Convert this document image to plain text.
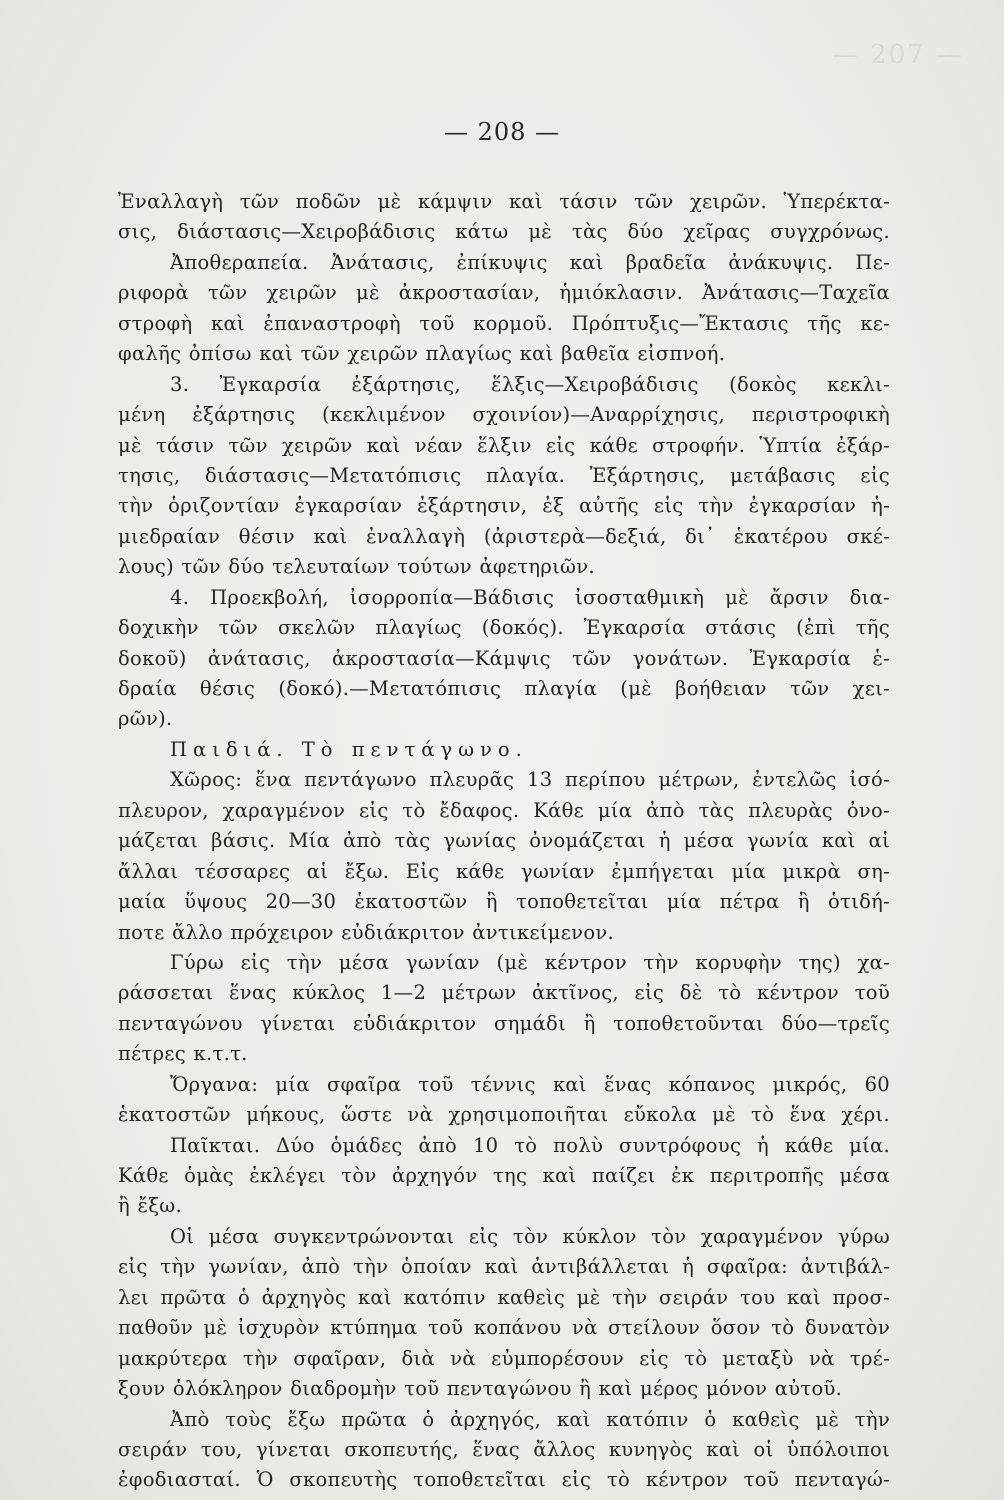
— 207 —
— 208 —
Ἐναλλαγὴ τῶν ποδῶν μὲ κάμψιν καὶ τάσιν τῶν χειρῶν. Ὑπερέκτα-
σις, διάστασις—Χειροβάδισις κάτω μὲ τὰς δύο χεῖρας συγχρόνως.
Ἀποθεραπεία. Ἀνάτασις, ἐπίκυψις καὶ βραδεῖα ἀνάκυψις. Πε-
ριφορὰ τῶν χειρῶν μὲ ἀκροστασίαν, ἡμιόκλασιν. Ἀνάτασις—Ταχεῖα
στροφὴ καὶ ἐπαναστροφὴ τοῦ κορμοῦ. Πρόπτυξις—Ἔκτασις τῆς κε-
φαλῆς ὀπίσω καὶ τῶν χειρῶν πλαγίως καὶ βαθεῖα εἰσπνοή.
3. Ἐγκαρσία ἐξάρτησις, ἕλξις—Χειροβάδισις (δοκὸς κεκλι-
μένη ἐξάρτησις (κεκλιμένον σχοινίον)—Αναρρίχησις, περιστροφικὴ
μὲ τάσιν τῶν χειρῶν καὶ νέαν ἕλξιν εἰς κάθε στροφήν. Ὑπτία ἐξάρ-
τησις, διάστασις—Μετατόπισις πλαγία. Ἐξάρτησις, μετάβασις εἰς
τὴν ὁριζοντίαν ἐγκαρσίαν ἐξάρτησιν, ἐξ αὐτῆς εἰς τὴν ἐγκαρσίαν ἡ-
μιεδραίαν θέσιν καὶ ἐναλλαγὴ (ἀριστερὰ—δεξιά, δι᾽ ἑκατέρου σκέ-
λους) τῶν δύο τελευταίων τούτων ἀφετηριῶν.
4. Προεκβολή, ἰσορροπία—Βάδισις ἰσοσταθμικὴ μὲ ἄρσιν δια-
δοχικὴν τῶν σκελῶν πλαγίως (δοκός). Ἐγκαρσία στάσις (ἐπὶ τῆς
δοκοῦ) ἀνάτασις, ἀκροστασία—Κάμψις τῶν γονάτων. Ἐγκαρσία ἑ-
δραία θέσις (δοκό).—Μετατόπισις πλαγία (μὲ βοήθειαν τῶν χει-
ρῶν).
Παιδιά. Τὸ πεντάγωνο.
Χῶρος: ἕνα πεντάγωνο πλευρᾶς 13 περίπου μέτρων, ἐντελῶς ἰσό-
πλευρον, χαραγμένον εἰς τὸ ἔδαφος. Κάθε μία ἀπὸ τὰς πλευρὰς ὀνο-
μάζεται βάσις. Μία ἀπὸ τὰς γωνίας ὀνομάζεται ἡ μέσα γωνία καὶ αἱ
ἄλλαι τέσσαρες αἱ ἔξω. Εἰς κάθε γωνίαν ἐμπήγεται μία μικρὰ ση-
μαία ὕψους 20—30 ἑκατοστῶν ἢ τοποθετεῖται μία πέτρα ἢ ὁτιδή-
ποτε ἄλλο πρόχειρον εὐδιάκριτον ἀντικείμενον.
Γύρω εἰς τὴν μέσα γωνίαν (μὲ κέντρον τὴν κορυφὴν της) χα-
ράσσεται ἕνας κύκλος 1—2 μέτρων ἀκτῖνος, εἰς δὲ τὸ κέντρον τοῦ
πενταγώνου γίνεται εὐδιάκριτον σημάδι ἢ τοποθετοῦνται δύο—τρεῖς
πέτρες κ.τ.τ.
Ὄργανα: μία σφαῖρα τοῦ τέννις καὶ ἕνας κόπανος μικρός, 60
ἑκατοστῶν μήκους, ὥστε νὰ χρησιμοποιῆται εὔκολα μὲ τὸ ἕνα χέρι.
Παῖκται. Δύο ὁμάδες ἀπὸ 10 τὸ πολὺ συντρόφους ἡ κάθε μία.
Κάθε ὁμὰς ἐκλέγει τὸν ἀρχηγόν της καὶ παίζει ἐκ περιτροπῆς μέσα
ἢ ἔξω.
Οἱ μέσα συγκεντρώνονται εἰς τὸν κύκλον τὸν χαραγμένον γύρω
εἰς τὴν γωνίαν, ἀπὸ τὴν ὁποίαν καὶ ἀντιβάλλεται ἡ σφαῖρα: ἀντιβάλ-
λει πρῶτα ὁ ἀρχηγὸς καὶ κατόπιν καθεὶς μὲ τὴν σειράν του καὶ προσ-
παθοῦν μὲ ἰσχυρὸν κτύπημα τοῦ κοπάνου νὰ στείλουν ὅσον τὸ δυνατὸν
μακρύτερα τὴν σφαῖραν, διὰ νὰ εὐμπορέσουν εἰς τὸ μεταξὺ νὰ τρέ-
ξουν ὁλόκληρον διαδρομὴν τοῦ πενταγώνου ἢ καὶ μέρος μόνον αὐτοῦ.
Ἀπὸ τοὺς ἔξω πρῶτα ὁ ἀρχηγός, καὶ κατόπιν ὁ καθεὶς μὲ τὴν
σειράν του, γίνεται σκοπευτής, ἕνας ἄλλος κυνηγὸς καὶ οἱ ὑπόλοιποι
ἐφοδιασταί. Ὁ σκοπευτὴς τοποθετεῖται εἰς τὸ κέντρον τοῦ πενταγώ-
